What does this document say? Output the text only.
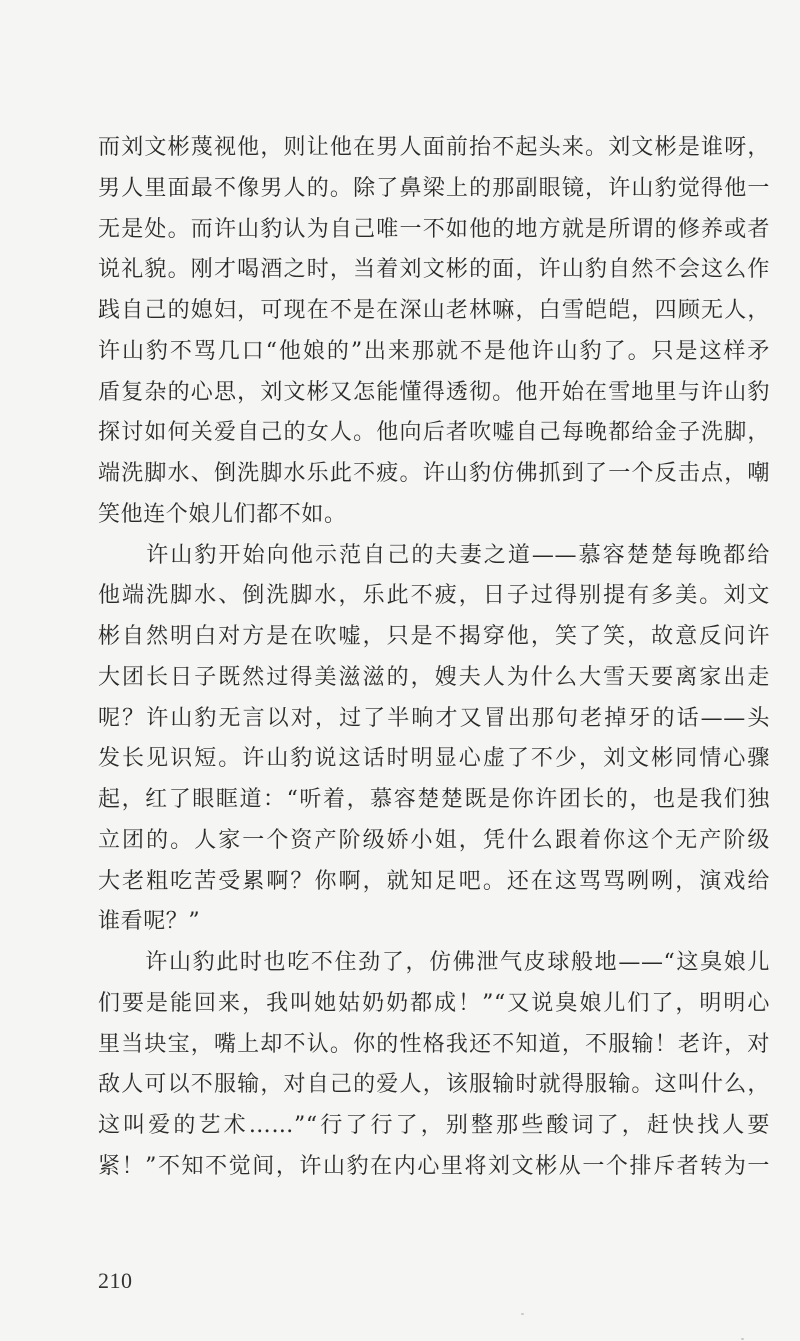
而刘文彬蔑视他，则让他在男人面前抬不起头来。刘文彬是谁呀，
男人里面最不像男人的。除了鼻梁上的那副眼镜，许山豹觉得他一
无是处。而许山豹认为自己唯一不如他的地方就是所谓的修养或者
说礼貌。刚才喝酒之时，当着刘文彬的面，许山豹自然不会这么作
践自己的媳妇，可现在不是在深山老林嘛，白雪皑皑，四顾无人，
许山豹不骂几口“他娘的”出来那就不是他许山豹了。只是这样矛
盾复杂的心思，刘文彬又怎能懂得透彻。他开始在雪地里与许山豹
探讨如何关爱自己的女人。他向后者吹嘘自己每晚都给金子洗脚，
端洗脚水、倒洗脚水乐此不疲。许山豹仿佛抓到了一个反击点，嘲
笑他连个娘儿们都不如。
　　许山豹开始向他示范自己的夫妻之道——慕容楚楚每晚都给
他端洗脚水、倒洗脚水，乐此不疲，日子过得别提有多美。刘文
彬自然明白对方是在吹嘘，只是不揭穿他，笑了笑，故意反问许
大团长日子既然过得美滋滋的，嫂夫人为什么大雪天要离家出走
呢？许山豹无言以对，过了半晌才又冒出那句老掉牙的话——头
发长见识短。许山豹说这话时明显心虚了不少，刘文彬同情心骤
起，红了眼眶道：“听着，慕容楚楚既是你许团长的，也是我们独
立团的。人家一个资产阶级娇小姐，凭什么跟着你这个无产阶级
大老粗吃苦受累啊？你啊，就知足吧。还在这骂骂咧咧，演戏给
谁看呢？”
　　许山豹此时也吃不住劲了，仿佛泄气皮球般地——“这臭娘儿
们要是能回来，我叫她姑奶奶都成！”“又说臭娘儿们了，明明心
里当块宝，嘴上却不认。你的性格我还不知道，不服输！老许，对
敌人可以不服输，对自己的爱人，该服输时就得服输。这叫什么，
这叫爱的艺术……”“行了行了，别整那些酸词了，赶快找人要
紧！”不知不觉间，许山豹在内心里将刘文彬从一个排斥者转为一
210
